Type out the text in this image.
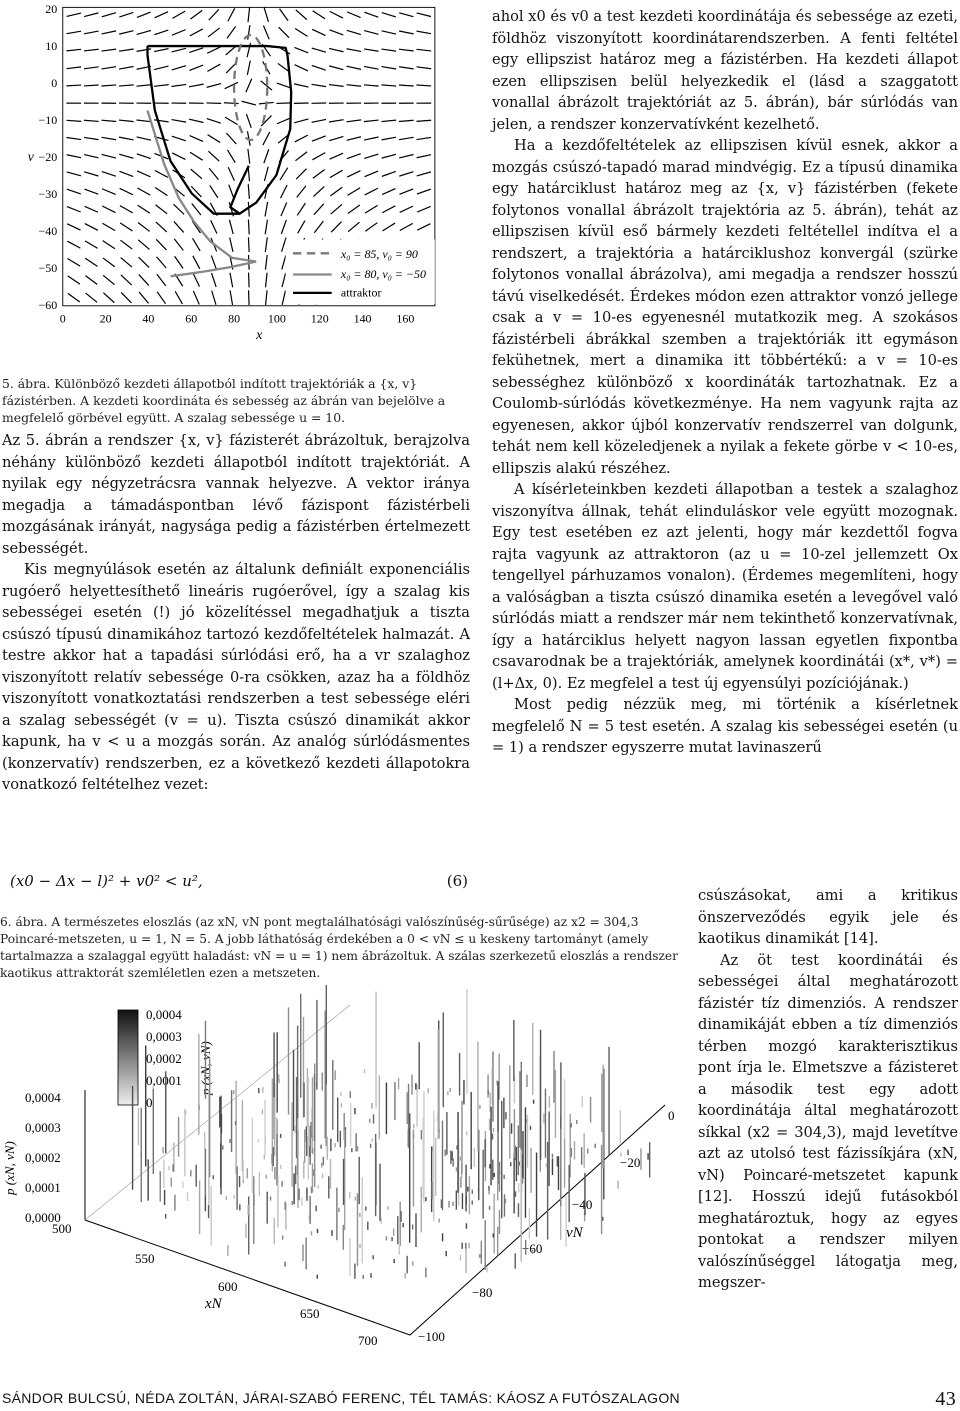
20
10
0
−10
−20
−30
−40
−50
−60
0	20 40 60 80 100 120 140 160
v
x
x₀ = 85, v₀ = 90
x₀ = 80, v₀ = −50
attraktor
5. ábra. Különböző kezdeti állapotból indított trajektóriák a {x, v} fázistérben. A kezdeti koordináta és sebesség az ábrán van bejelölve a megfelelő görbével együtt. A szalag sebessége u = 10.

Az 5. ábrán a rendszer {x, v} fázisterét ábrázoltuk, berajzolva néhány különböző kezdeti állapotból indított trajektóriát. A nyilak egy négyzetrácsra vannak helyezve. A vektor iránya megadja a támadáspontban lévő fázispont fázistérbeli mozgásának irányát, nagysága pedig a fázistérben értelmezett sebességét.

Kis megnyúlások esetén az általunk definiált exponenciális rugóerő helyettesíthető lineáris rugóerővel, így a szalag kis sebességei esetén (!) jó közelítéssel megadhatjuk a tiszta csúszó típusú dinamikához tartozó kezdőfeltételek halmazát. A testre akkor hat a tapadási súrlódási erő, ha a vr szalaghoz viszonyított relatív sebessége 0-ra csökken, azaz ha a földhöz viszonyított vonatkoztatási rendszerben a test sebessége eléri a szalag sebességét (v = u). Tiszta csúszó dinamikát akkor kapunk, ha v < u a mozgás során. Az analóg súrlódásmentes (konzervatív) rendszerben, ez a következő kezdeti állapotokra vonatkozó feltételhez vezet:

(x0 − Δx − l)² + v0² < u²,	(6)
6. ábra. A természetes eloszlás (az xN, vN pont megtalálhatósági valószínűség-sűrűsége) az x2 = 304,3 Poincaré-metszeten, u = 1, N = 5. A jobb láthatóság érdekében a 0 < vN ≤ u keskeny tartományt (amely tartalmazza a szalaggal együtt haladást: vN = u = 1) nem ábrázoltuk. A szálas szerkezetű eloszlás a rendszer kaotikus attraktorát szemléletlen ezen a metszeten.
0,0004
0,0003
0,0002
0,0001
0
p (xN, vN)
0,0004
0,0003
0,0002
0,0001
0,0000
p (xN, vN)
500
550
600
650
700
xN
0
−20
−40
−60
−80
−100
vN

ahol x0 és v0 a test kezdeti koordinátája és sebessége az ezeti, földhöz viszonyított koordinátarendszerben. A fenti feltétel egy ellipszist határoz meg a fázistérben. Ha kezdeti állapot ezen ellipszisen belül helyezkedik el (lásd a szaggatott vonallal ábrázolt trajektóriát az 5. ábrán), bár súrlódás van jelen, a rendszer konzervatívként kezelhető.

Ha a kezdőfeltételek az ellipszisen kívül esnek, akkor a mozgás csúszó-tapadó marad mindvégig. Ez a típusú dinamika egy határciklust határoz meg az {x, v} fázistérben (fekete folytonos vonallal ábrázolt trajektória az 5. ábrán), tehát az ellipszisen kívül eső bármely kezdeti feltétellel indítva el a rendszert, a trajektória a határciklushoz konvergál (szürke folytonos vonallal ábrázolva), ami megadja a rendszer hosszú távú viselkedését. Érdekes módon ezen attraktor vonzó jellege csak a v = 10-es egyenesnél mutatkozik meg. A szokásos fázistérbeli ábrákkal szemben a trajektóriák itt egymáson fekühetnek, mert a dinamika itt többértékű: a v = 10-es sebességhez különböző x koordináták tartozhatnak. Ez a Coulomb-súrlódás következménye. Ha nem vagyunk rajta az egyenesen, akkor újból konzervatív rendszerrel van dolgunk, tehát nem kell közeledjenek a nyilak a fekete görbe v < 10-es, ellipszis alakú részéhez.

A kísérleteinkben kezdeti állapotban a testek a szalaghoz viszonyítva állnak, tehát elinduláskor vele együtt mozognak. Egy test esetében ez azt jelenti, hogy már kezdettől fogva rajta vagyunk az attraktoron (az u = 10-zel jellemzett Ox tengellyel párhuzamos vonalon). (Érdemes megemlíteni, hogy a valóságban a tiszta csúszó dinamika esetén a levegővel való súrlódás miatt a rendszer már nem tekinthető konzervatívnak, így a határciklus helyett nagyon lassan egyetlen fixpontba csavarodnak be a trajektóriák, amelynek koordinátái (x*, v*) = (l+Δx, 0). Ez megfelel a test új egyensúlyi pozíciójának.)

Most pedig nézzük meg, mi történik a kísérletnek megfelelő N = 5 test esetén. A szalag kis sebességei esetén (u = 1) a rendszer egyszerre mutat lavinaszerű

csúszásokat, ami a kritikus önszerveződés egyik jele és kaotikus dinamikát [14].

Az öt test koordinátái és sebességei által meghatározott fázistér tíz dimenziós. A rendszer dinamikáját ebben a tíz dimenziós térben mozgó karakterisztikus pont írja le. Elmetszve a fázisteret a második test egy adott koordinátája által meghatározott síkkal (x2 = 304,3), majd levetítve azt az utolsó test fázissíkjára (xN, vN) Poincaré-metszetet kapunk [12]. Hosszú idejű futásokból meghatároztuk, hogy az egyes pontokat a rendszer milyen valószínűséggel látogatja meg, megszer-

SÁNDOR BULCSÚ, NÉDA ZOLTÁN, JÁRAI-SZABÓ FERENC, TÉL TAMÁS: KÁOSZ A FUTÓSZALAGON	43
